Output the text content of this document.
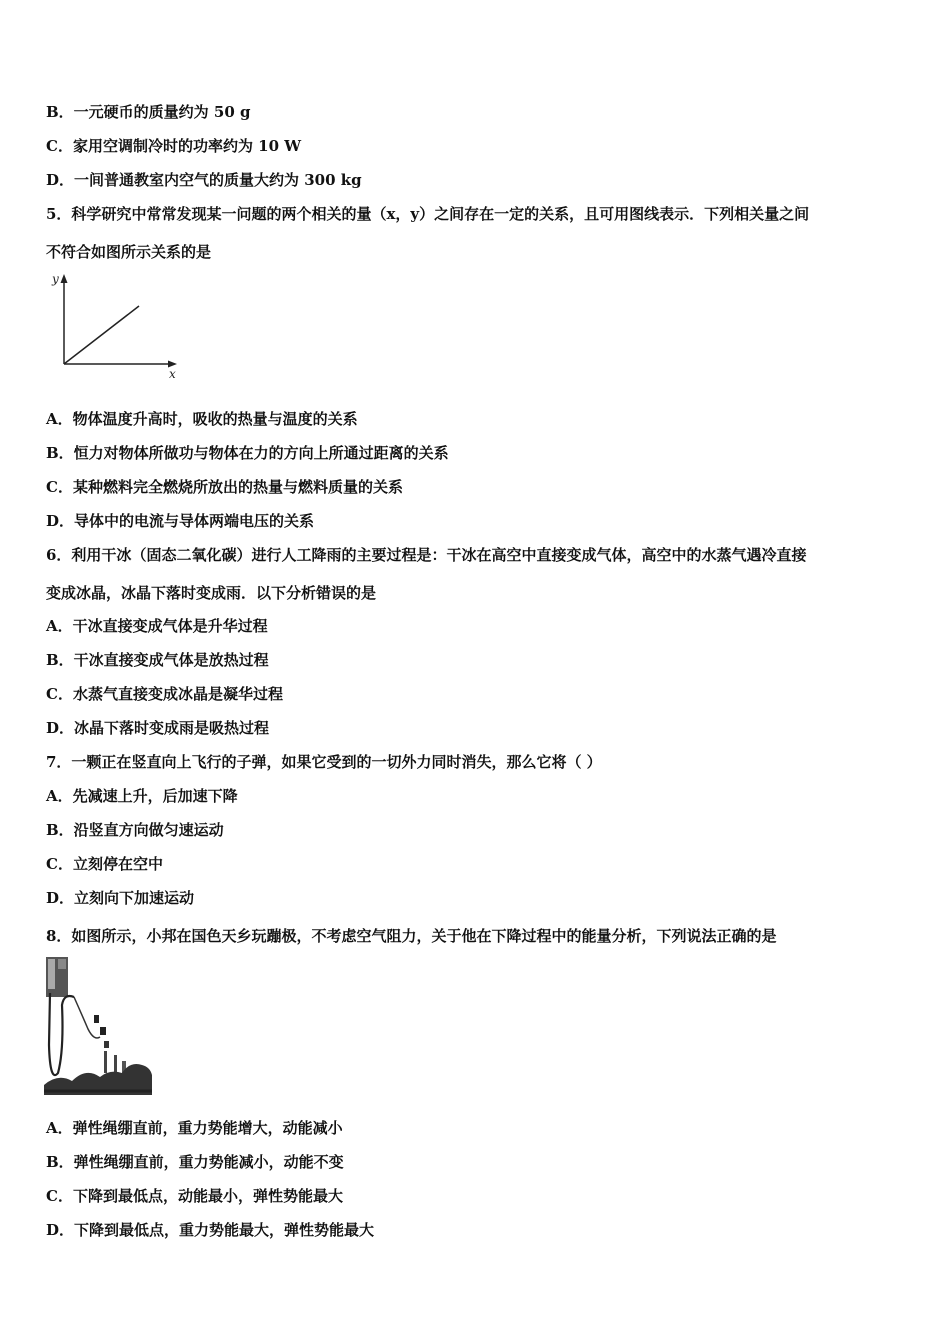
B．一元硬币的质量约为 50 g
C．家用空调制冷时的功率约为 10 W
D．一间普通教室内空气的质量大约为 300 kg
5．科学研究中常常发现某一问题的两个相关的量（x，y）之间存在一定的关系，且可用图线表示．下列相关量之间
不符合如图所示关系的是
y
x
A．物体温度升高时，吸收的热量与温度的关系
B．恒力对物体所做功与物体在力的方向上所通过距离的关系
C．某种燃料完全燃烧所放出的热量与燃料质量的关系
D．导体中的电流与导体两端电压的关系
6．利用干冰（固态二氧化碳）进行人工降雨的主要过程是：干冰在高空中直接变成气体，高空中的水蒸气遇冷直接
变成冰晶，冰晶下落时变成雨．以下分析错误的是
A．干冰直接变成气体是升华过程
B．干冰直接变成气体是放热过程
C．水蒸气直接变成冰晶是凝华过程
D．冰晶下落时变成雨是吸热过程
7．一颗正在竖直向上飞行的子弹，如果它受到的一切外力同时消失，那么它将（ ）
A．先减速上升，后加速下降
B．沿竖直方向做匀速运动
C．立刻停在空中
D．立刻向下加速运动
8．如图所示，小邦在国色天乡玩蹦极，不考虑空气阻力，关于他在下降过程中的能量分析，下列说法正确的是
A．弹性绳绷直前，重力势能增大，动能减小
B．弹性绳绷直前，重力势能减小，动能不变
C．下降到最低点，动能最小，弹性势能最大
D．下降到最低点，重力势能最大，弹性势能最大
